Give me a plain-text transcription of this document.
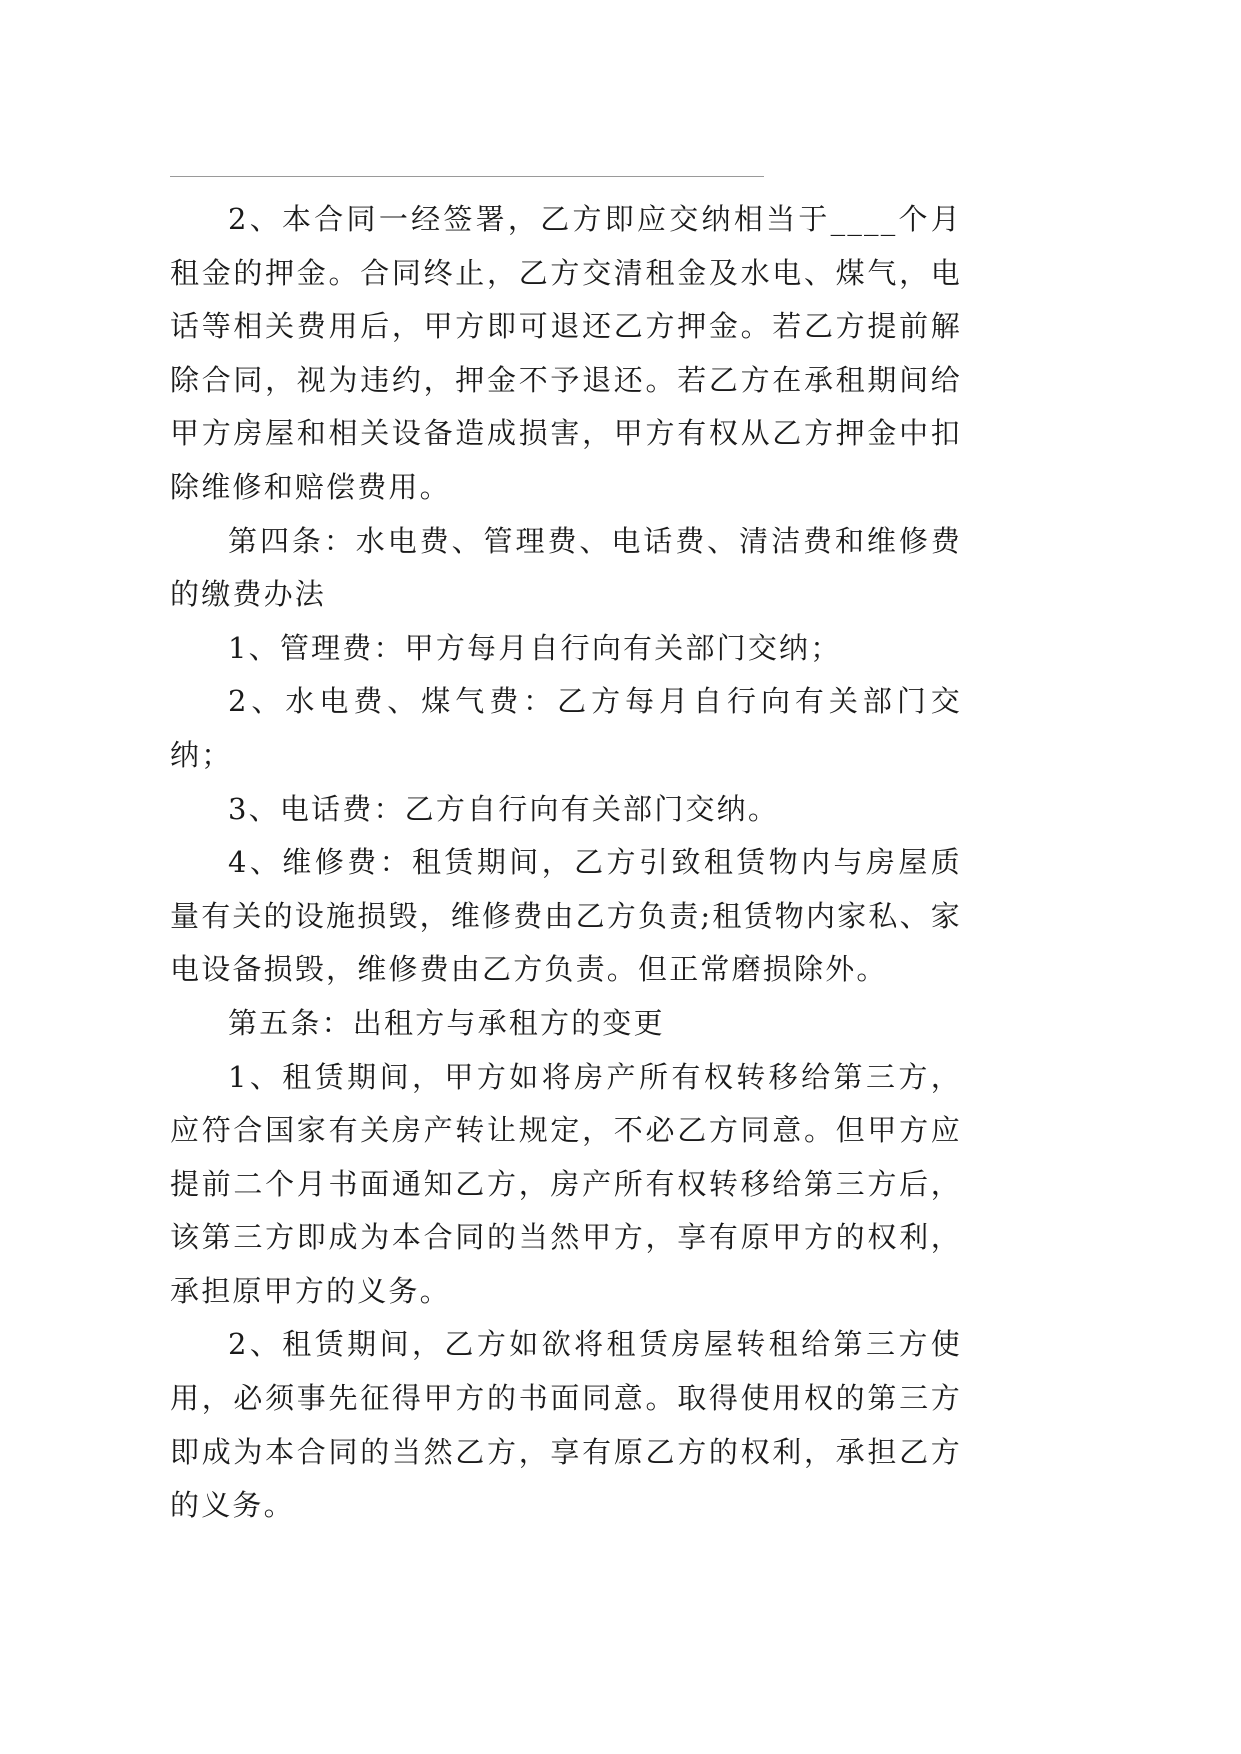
2、本合同一经签署，乙方即应交纳相当于____个月租金的押金。合同终止，乙方交清租金及水电、煤气，电话等相关费用后，甲方即可退还乙方押金。若乙方提前解除合同，视为违约，押金不予退还。若乙方在承租期间给甲方房屋和相关设备造成损害，甲方有权从乙方押金中扣除维修和赔偿费用。

第四条：水电费、管理费、电话费、清洁费和维修费的缴费办法

1、管理费：甲方每月自行向有关部门交纳；

2、水电费、煤气费：乙方每月自行向有关部门交纳；

3、电话费：乙方自行向有关部门交纳。

4、维修费：租赁期间，乙方引致租赁物内与房屋质量有关的设施损毁，维修费由乙方负责;租赁物内家私、家电设备损毁，维修费由乙方负责。但正常磨损除外。

第五条：出租方与承租方的变更

1、租赁期间，甲方如将房产所有权转移给第三方，应符合国家有关房产转让规定，不必乙方同意。但甲方应提前二个月书面通知乙方，房产所有权转移给第三方后，该第三方即成为本合同的当然甲方，享有原甲方的权利，承担原甲方的义务。

2、租赁期间，乙方如欲将租赁房屋转租给第三方使用，必须事先征得甲方的书面同意。取得使用权的第三方即成为本合同的当然乙方，享有原乙方的权利，承担乙方的义务。
